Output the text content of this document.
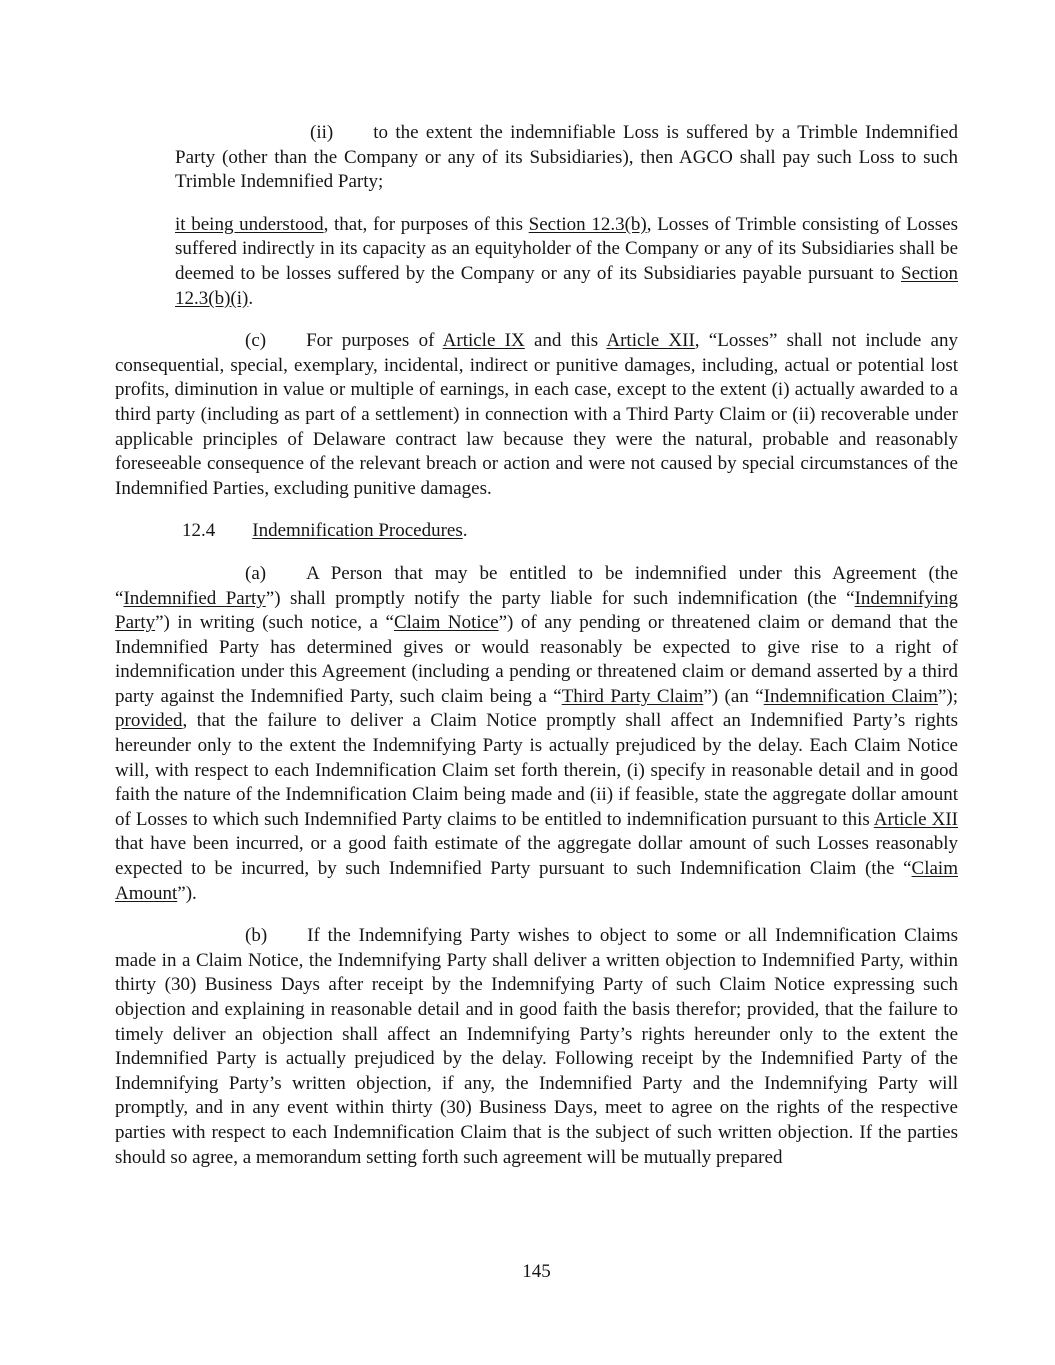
(ii) to the extent the indemnifiable Loss is suffered by a Trimble Indemnified Party (other than the Company or any of its Subsidiaries), then AGCO shall pay such Loss to such Trimble Indemnified Party;

it being understood, that, for purposes of this Section 12.3(b), Losses of Trimble consisting of Losses suffered indirectly in its capacity as an equityholder of the Company or any of its Subsidiaries shall be deemed to be losses suffered by the Company or any of its Subsidiaries payable pursuant to Section 12.3(b)(i).

(c) For purposes of Article IX and this Article XII, “Losses” shall not include any consequential, special, exemplary, incidental, indirect or punitive damages, including, actual or potential lost profits, diminution in value or multiple of earnings, in each case, except to the extent (i) actually awarded to a third party (including as part of a settlement) in connection with a Third Party Claim or (ii) recoverable under applicable principles of Delaware contract law because they were the natural, probable and reasonably foreseeable consequence of the relevant breach or action and were not caused by special circumstances of the Indemnified Parties, excluding punitive damages.

12.4 Indemnification Procedures.

(a) A Person that may be entitled to be indemnified under this Agreement (the “Indemnified Party”) shall promptly notify the party liable for such indemnification (the “Indemnifying Party”) in writing (such notice, a “Claim Notice”) of any pending or threatened claim or demand that the Indemnified Party has determined gives or would reasonably be expected to give rise to a right of indemnification under this Agreement (including a pending or threatened claim or demand asserted by a third party against the Indemnified Party, such claim being a “Third Party Claim”) (an “Indemnification Claim”); provided, that the failure to deliver a Claim Notice promptly shall affect an Indemnified Party’s rights hereunder only to the extent the Indemnifying Party is actually prejudiced by the delay. Each Claim Notice will, with respect to each Indemnification Claim set forth therein, (i) specify in reasonable detail and in good faith the nature of the Indemnification Claim being made and (ii) if feasible, state the aggregate dollar amount of Losses to which such Indemnified Party claims to be entitled to indemnification pursuant to this Article XII that have been incurred, or a good faith estimate of the aggregate dollar amount of such Losses reasonably expected to be incurred, by such Indemnified Party pursuant to such Indemnification Claim (the “Claim Amount”).

(b) If the Indemnifying Party wishes to object to some or all Indemnification Claims made in a Claim Notice, the Indemnifying Party shall deliver a written objection to Indemnified Party, within thirty (30) Business Days after receipt by the Indemnifying Party of such Claim Notice expressing such objection and explaining in reasonable detail and in good faith the basis therefor; provided, that the failure to timely deliver an objection shall affect an Indemnifying Party’s rights hereunder only to the extent the Indemnified Party is actually prejudiced by the delay. Following receipt by the Indemnified Party of the Indemnifying Party’s written objection, if any, the Indemnified Party and the Indemnifying Party will promptly, and in any event within thirty (30) Business Days, meet to agree on the rights of the respective parties with respect to each Indemnification Claim that is the subject of such written objection. If the parties should so agree, a memorandum setting forth such agreement will be mutually prepared

145
